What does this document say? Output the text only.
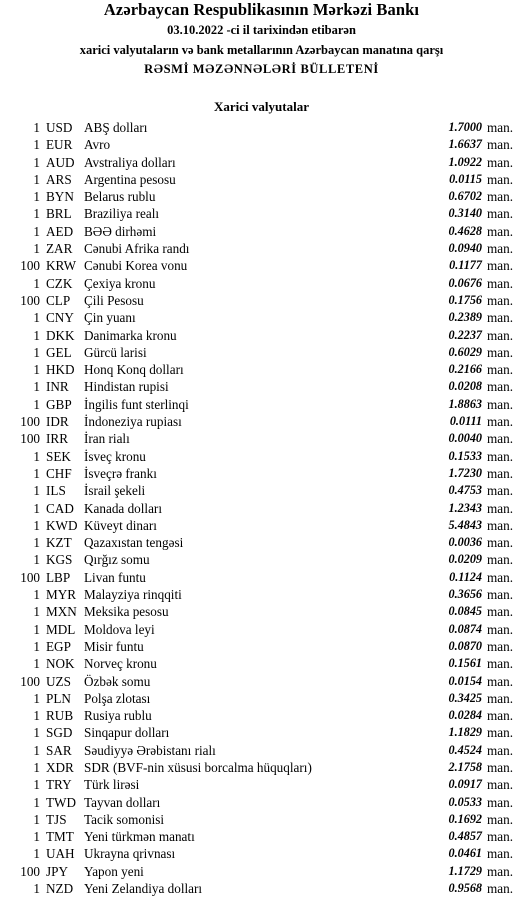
Azərbaycan Respublikasının Mərkəzi Bankı
03.10.2022 -ci il tarixindən etibarən
xarici valyutaların və bank metallarının Azərbaycan manatına qarşı
RƏSMİ MƏZƏNNƏLƏRİ BÜLLETENİ
Xarici valyutalar
1 USD ABŞ dolları	1.7000 man.
1 EUR Avro	1.6637 man.
1 AUD Avstraliya dolları	1.0922 man.
1 ARS Argentina pesosu	0.0115 man.
1 BYN Belarus rublu	0.6702 man.
1 BRL Braziliya realı	0.3140 man.
1 AED BƏƏ dirhəmi	0.4628 man.
1 ZAR Cənubi Afrika randı	0.0940 man.
100 KRW Cənubi Korea vonu	0.1177 man.
1 CZK Çexiya kronu	0.0676 man.
100 CLP	Çili Pesosu	0.1756 man.
1 CNY Çin yuanı	0.2389 man.
1 DKK Danimarka kronu	0.2237 man.
1 GEL Gürcü larisi	0.6029 man.
1 HKD Honq Konq dolları	0.2166 man.
1 INR	Hindistan rupisi	0.0208 man.
1 GBP İngilis funt sterlinqi	1.8863 man.
100 IDR	İndoneziya rupiası	0.0111 man.
100 IRR	İran rialı	0.0040 man.
1 SEK İsveç kronu	0.1533 man.
1 CHF İsveçrə frankı	1.7230 man.
1 ILS	İsrail şekeli	0.4753 man.
1 CAD Kanada dolları	1.2343 man.
1 KWD Küveyt dinarı	5.4843 man.
1 KZT Qazaxıstan tengəsi	0.0036 man.
1 KGS Qırğız somu	0.0209 man.
100 LBP	Livan funtu	0.1124 man.
1 MYR Malayziya rinqqiti	0.3656 man.
1 MXN Meksika pesosu	0.0845 man.
1 MDL Moldova leyi	0.0874 man.
1 EGP Misir funtu	0.0870 man.
1 NOK Norveç kronu	0.1561 man.
100 UZS Özbək somu	0.0154 man.
1 PLN Polşa zlotası	0.3425 man.
1 RUB Rusiya rublu	0.0284 man.
1 SGD Sinqapur dolları	1.1829 man.
1 SAR Səudiyyə Ərəbistanı rialı	0.4524 man.
1 XDR SDR (BVF-nin xüsusi borcalma hüquqları)	2.1758 man.
1 TRY Türk lirəsi	0.0917 man.
1 TWD Tayvan dolları	0.0533 man.
1 TJS	Tacik somonisi	0.1692 man.
1 TMT Yeni türkmən manatı	0.4857 man.
1 UAH Ukrayna qrivnası	0.0461 man.
100 JPY	Yapon yeni	1.1729 man.
1 NZD Yeni Zelandiya dolları	0.9568 man.
